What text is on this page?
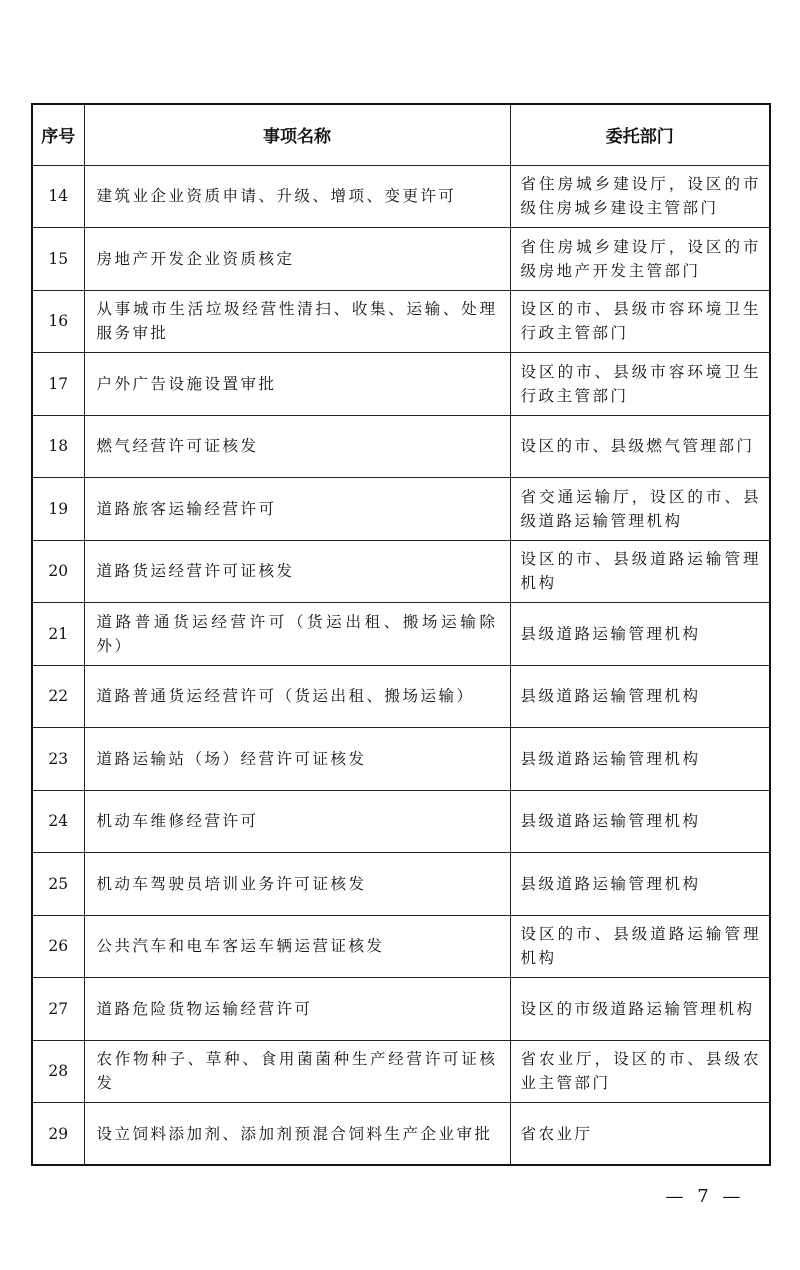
序号	事项名称	委托部门
14	建筑业企业资质申请、升级、增项、变更许可	省住房城乡建设厅，设区的市级住房城乡建设主管部门
15	房地产开发企业资质核定	省住房城乡建设厅，设区的市级房地产开发主管部门
16	从事城市生活垃圾经营性清扫、收集、运输、处理服务审批	设区的市、县级市容环境卫生行政主管部门
17	户外广告设施设置审批	设区的市、县级市容环境卫生行政主管部门
18	燃气经营许可证核发	设区的市、县级燃气管理部门
19	道路旅客运输经营许可	省交通运输厅，设区的市、县级道路运输管理机构
20	道路货运经营许可证核发	设区的市、县级道路运输管理机构
21	道路普通货运经营许可（货运出租、搬场运输除外）	县级道路运输管理机构
22	道路普通货运经营许可（货运出租、搬场运输）	县级道路运输管理机构
23	道路运输站（场）经营许可证核发	县级道路运输管理机构
24	机动车维修经营许可	县级道路运输管理机构
25	机动车驾驶员培训业务许可证核发	县级道路运输管理机构
26	公共汽车和电车客运车辆运营证核发	设区的市、县级道路运输管理机构
27	道路危险货物运输经营许可	设区的市级道路运输管理机构
28	农作物种子、草种、食用菌菌种生产经营许可证核发	省农业厅，设区的市、县级农业主管部门
29	设立饲料添加剂、添加剂预混合饲料生产企业审批	省农业厅
— 7 —
